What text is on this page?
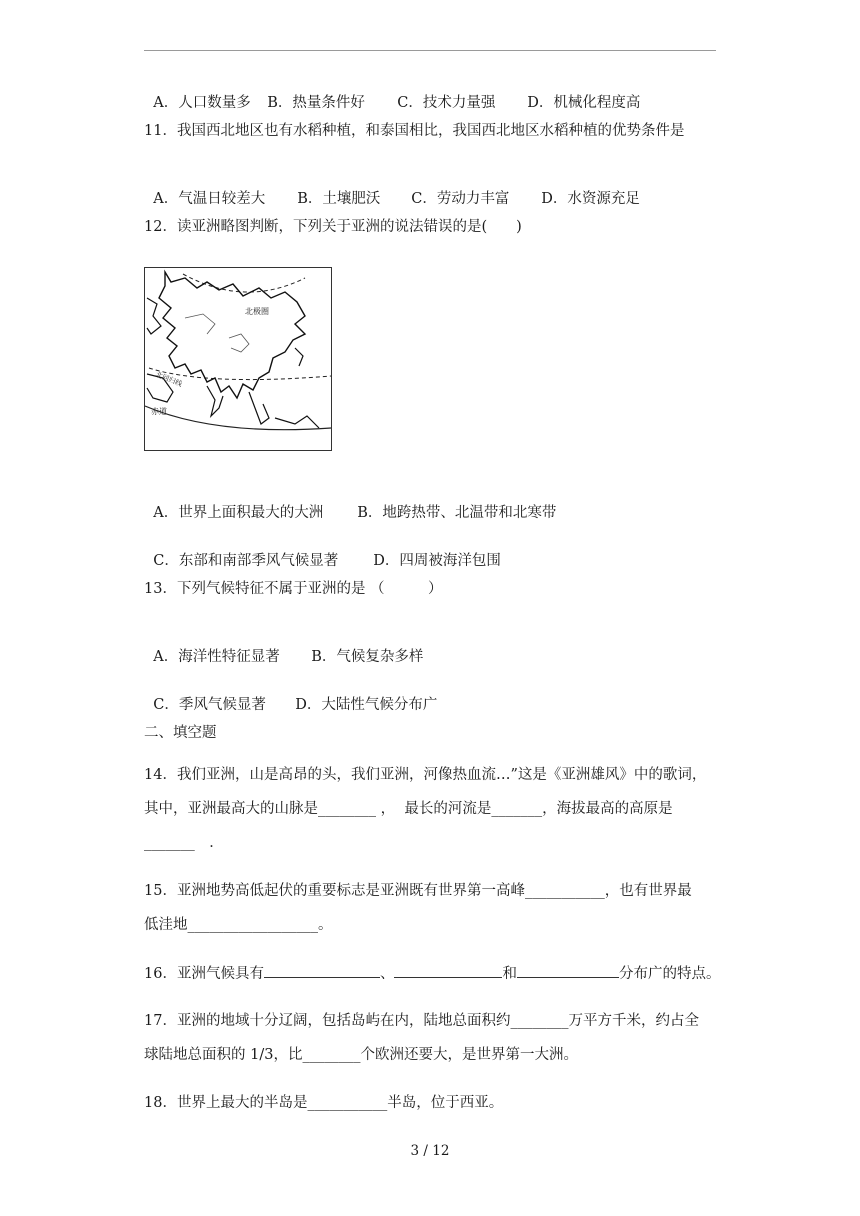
A．人口数量多 B．热量条件好 C．技术力量强 D．机械化程度高

11．我国西北地区也有水稻种植，和泰国相比，我国西北地区水稻种植的优势条件是

A．气温日较差大 B．土壤肥沃 C．劳动力丰富 D．水资源充足

12．读亚洲略图判断，下列关于亚洲的说法错误的是(　　)
北极圈
北回归线
赤道

A．世界上面积最大的大洲 B．地跨热带、北温带和北寒带

C．东部和南部季风气候显著 D．四周被海洋包围

13．下列气候特征不属于亚洲的是 （　　　）

A．海洋性特征显著 B．气候复杂多样

C．季风气候显著 D．大陆性气候分布广

二、填空题
14．我们亚洲，山是高昂的头，我们亚洲，河像热血流…”这是《亚洲雄风》中的歌词，
其中，亚洲最高大的山脉是________ ， 最长的河流是_______，海拔最高的高原是
_______　．
15．亚洲地势高低起伏的重要标志是亚洲既有世界第一高峰___________，也有世界最
低洼地__________________。
16．亚洲气候具有	、	和	分布广的特点。
17．亚洲的地域十分辽阔，包括岛屿在内，陆地总面积约________万平方千米，约占全
球陆地总面积的 1/3，比________个欧洲还要大，是世界第一大洲。
18．世界上最大的半岛是___________半岛，位于西亚。
3 / 12
